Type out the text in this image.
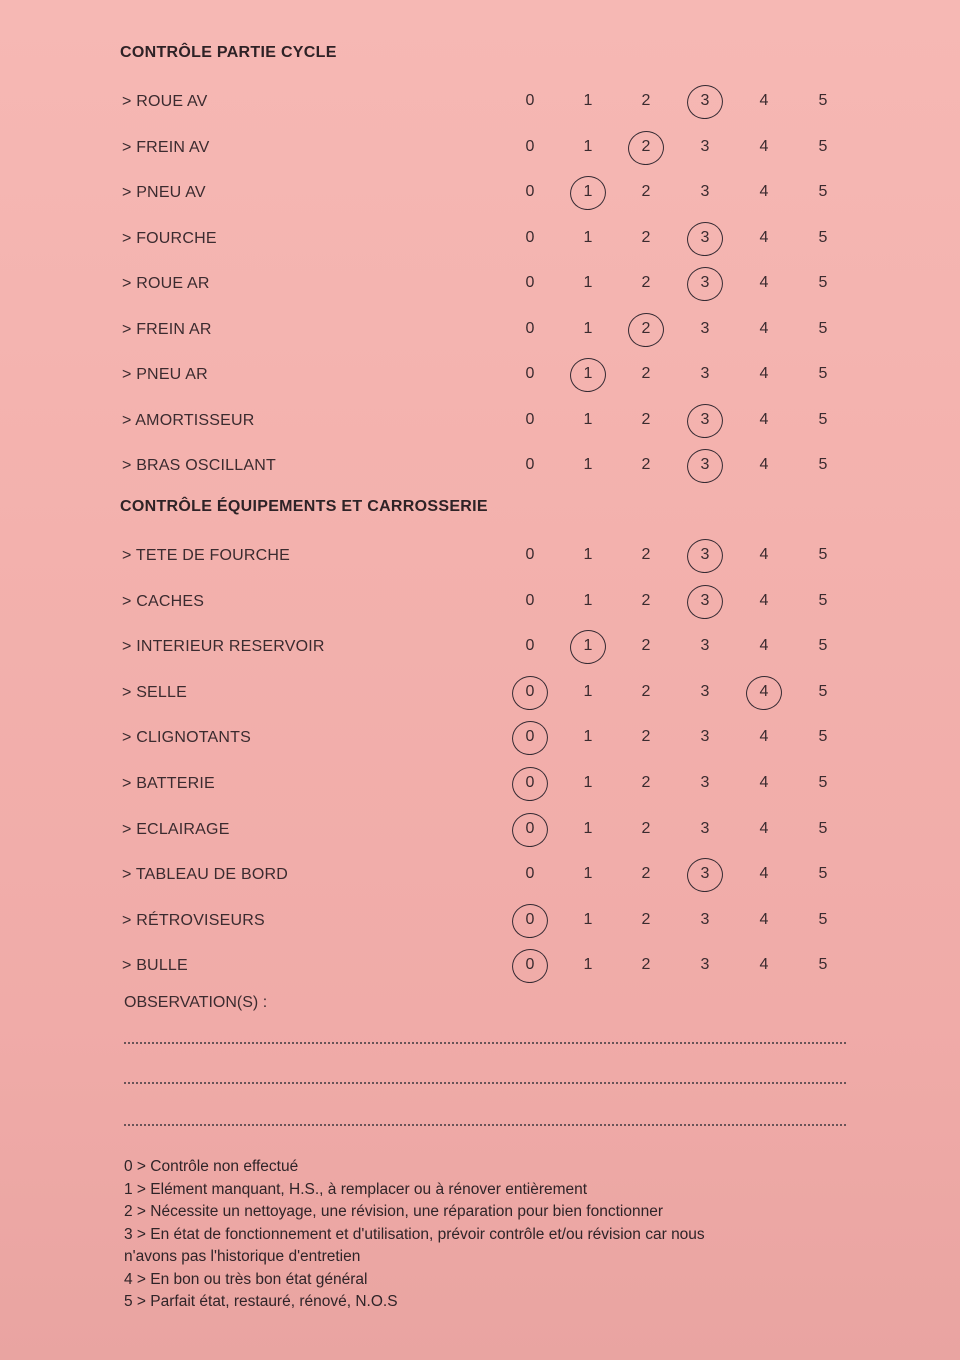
CONTRÔLE PARTIE CYCLE
> ROUE AV	0	1	2	3	4	5
> FREIN AV	0	1	2	3	4	5
> PNEU AV	0	1	2	3	4	5
> FOURCHE	0	1	2	3	4	5
> ROUE AR	0	1	2	3	4	5
> FREIN AR	0	1	2	3	4	5
> PNEU AR	0	1	2	3	4	5
> AMORTISSEUR	0	1	2	3	4	5
> BRAS OSCILLANT	0	1	2	3	4	5
CONTRÔLE ÉQUIPEMENTS ET CARROSSERIE
> TETE DE FOURCHE	0	1	2	3	4	5
> CACHES	0	1	2	3	4	5
> INTERIEUR RESERVOIR	0	1	2	3	4	5
> SELLE	0	1	2	3	4	5
> CLIGNOTANTS	0	1	2	3	4	5
> BATTERIE	0	1	2	3	4	5
> ECLAIRAGE	0	1	2	3	4	5
> TABLEAU DE BORD	0	1	2	3	4	5
> RÉTROVISEURS	0	1	2	3	4	5
> BULLE	0	1	2	3	4	5
OBSERVATION(S) :
0 > Contrôle non effectué
1 > Elément manquant, H.S., à remplacer ou à rénover entièrement
2 > Nécessite un nettoyage, une révision, une réparation pour bien fonctionner
3 > En état de fonctionnement et d'utilisation, prévoir contrôle et/ou révision car nous
n'avons pas l'historique d'entretien
4 > En bon ou très bon état général
5 > Parfait état, restauré, rénové, N.O.S
